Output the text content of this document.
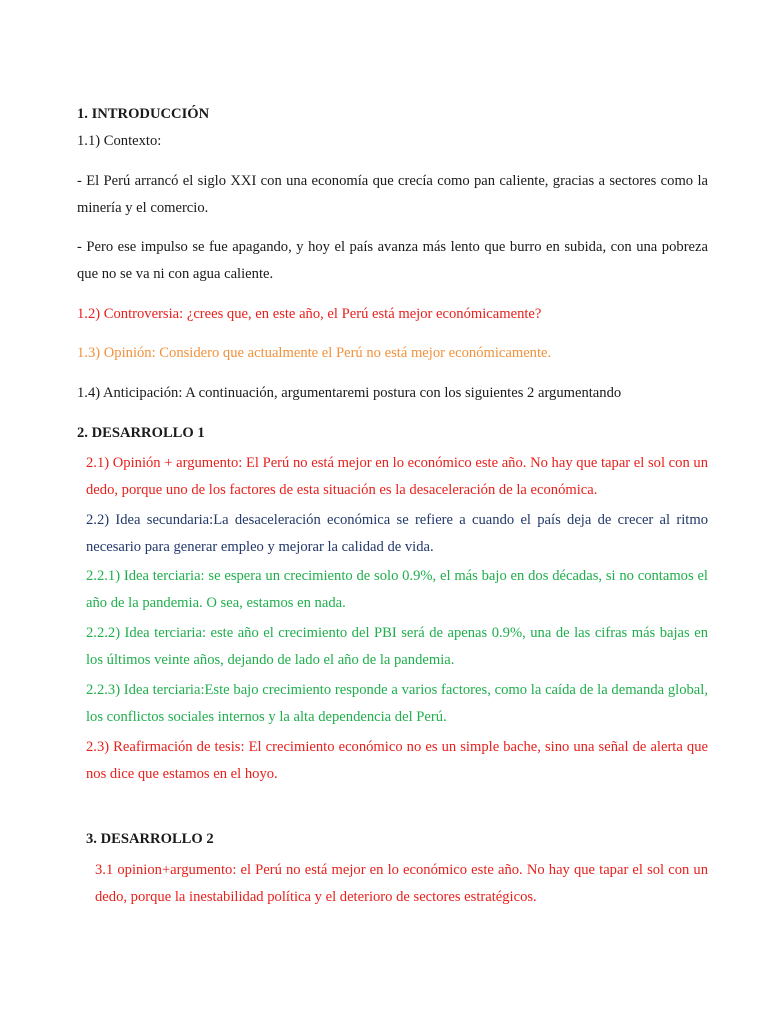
1. INTRODUCCIÓN
1.1) Contexto:
- El Perú arrancó el siglo XXI con una economía que crecía como pan caliente, gracias a sectores como la minería y el comercio.
- Pero ese impulso se fue apagando, y hoy el país avanza más lento que burro en subida, con una pobreza que no se va ni con agua caliente.
1.2) Controversia: ¿crees que, en este año, el Perú está mejor económicamente?
1.3) Opinión: Considero que actualmente el Perú no está mejor económicamente.
1.4) Anticipación: A continuación, argumentaremi postura con los siguientes 2 argumentando
2. DESARROLLO 1
2.1) Opinión + argumento: El Perú no está mejor en lo económico este año. No hay que tapar el sol con un dedo, porque uno de los factores de esta situación es la desaceleración de la económica.
2.2) Idea secundaria:La desaceleración económica se refiere a cuando el país deja de crecer al ritmo necesario para generar empleo y mejorar la calidad de vida.
2.2.1) Idea terciaria: se espera un crecimiento de solo 0.9%, el más bajo en dos décadas, si no contamos el año de la pandemia. O sea, estamos en nada.
2.2.2) Idea terciaria: este año el crecimiento del PBI será de apenas 0.9%, una de las cifras más bajas en los últimos veinte años, dejando de lado el año de la pandemia.
2.2.3) Idea terciaria:Este bajo crecimiento responde a varios factores, como la caída de la demanda global, los conflictos sociales internos y la alta dependencia del Perú.
2.3) Reafirmación de tesis: El crecimiento económico no es un simple bache, sino una señal de alerta que nos dice que estamos en el hoyo.
3. DESARROLLO 2
3.1 opinion+argumento: el Perú no está mejor en lo económico este año. No hay que tapar el sol con un dedo, porque la inestabilidad política y el deterioro de sectores estratégicos.
